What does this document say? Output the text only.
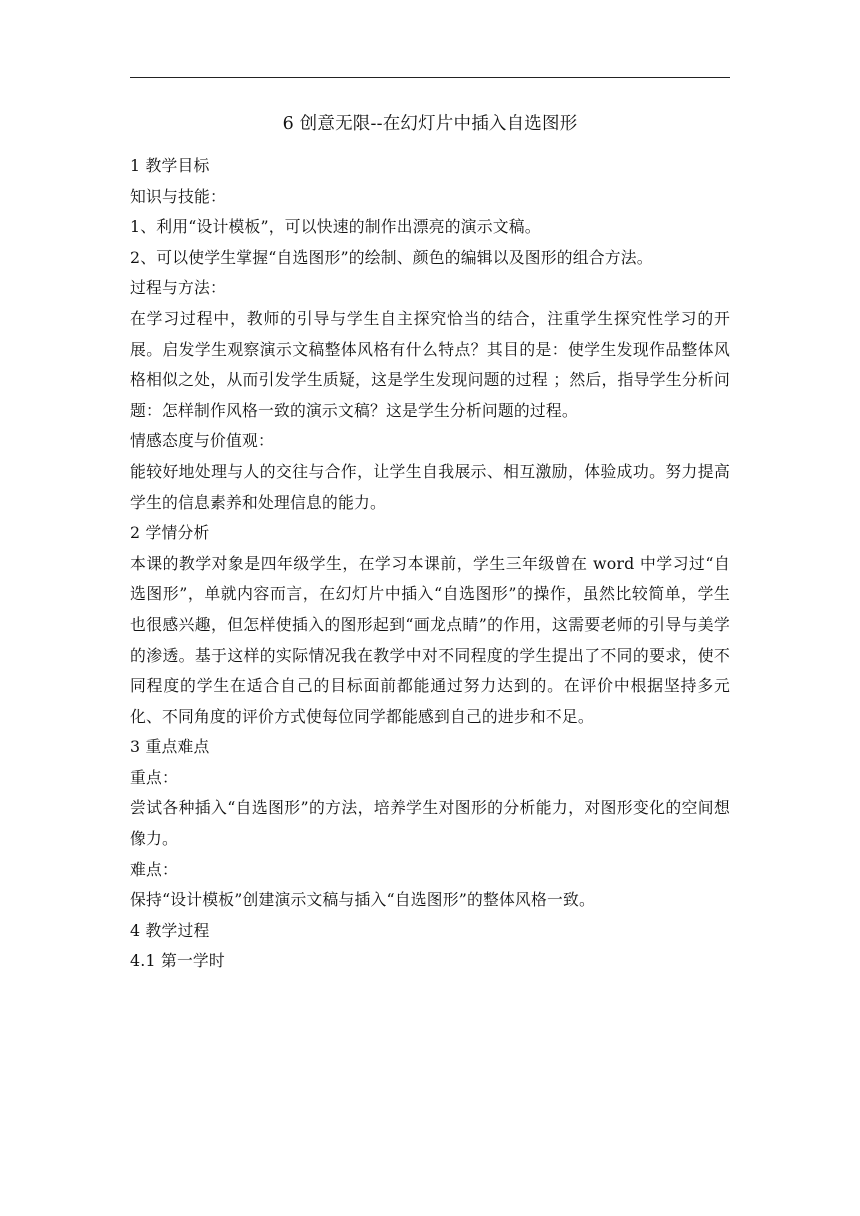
6 创意无限--在幻灯片中插入自选图形

1 教学目标

知识与技能：

1、利用“设计模板”，可以快速的制作出漂亮的演示文稿。

2、可以使学生掌握“自选图形”的绘制、颜色的编辑以及图形的组合方法。

过程与方法：

在学习过程中，教师的引导与学生自主探究恰当的结合，注重学生探究性学习的开展。启发学生观察演示文稿整体风格有什么特点？其目的是：使学生发现作品整体风格相似之处，从而引发学生质疑，这是学生发现问题的过程 ；然后，指导学生分析问题：怎样制作风格一致的演示文稿？这是学生分析问题的过程。

情感态度与价值观：

能较好地处理与人的交往与合作，让学生自我展示、相互激励，体验成功。努力提高学生的信息素养和处理信息的能力。

2 学情分析

本课的教学对象是四年级学生，在学习本课前，学生三年级曾在 word 中学习过“自选图形”，单就内容而言，在幻灯片中插入“自选图形”的操作，虽然比较简单，学生也很感兴趣，但怎样使插入的图形起到“画龙点睛”的作用，这需要老师的引导与美学的渗透。基于这样的实际情况我在教学中对不同程度的学生提出了不同的要求，使不同程度的学生在适合自己的目标面前都能通过努力达到的。在评价中根据坚持多元化、不同角度的评价方式使每位同学都能感到自己的进步和不足。

3 重点难点

重点：

尝试各种插入“自选图形”的方法，培养学生对图形的分析能力，对图形变化的空间想像力。

难点：

保持“设计模板”创建演示文稿与插入“自选图形”的整体风格一致。

4 教学过程

4.1 第一学时
